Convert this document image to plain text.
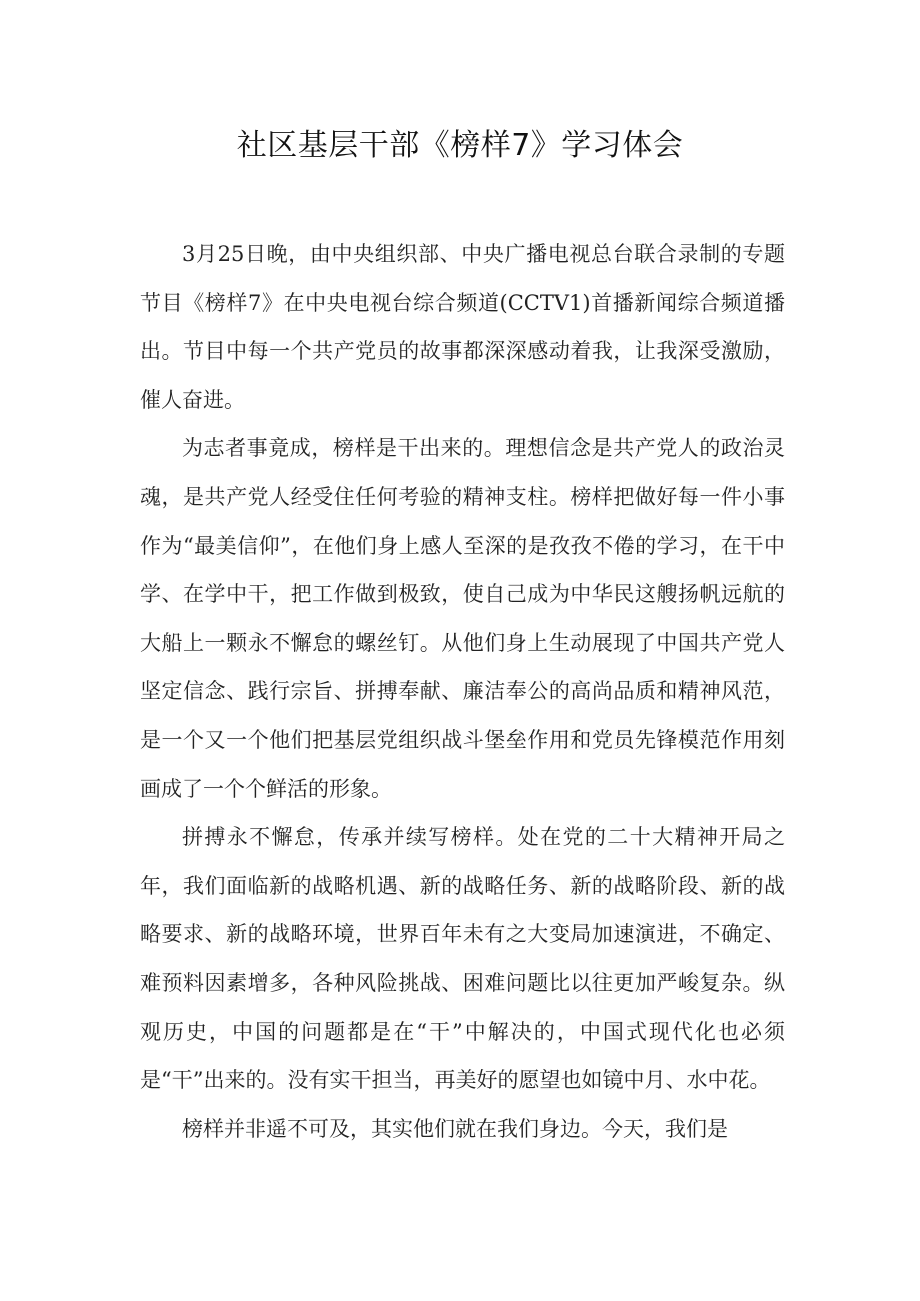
社区基层干部《榜样7》学习体会

3月25日晚，由中央组织部、中央广播电视总台联合录制的专题节目《榜样7》在中央电视台综合频道(CCTV1)首播新闻综合频道播出。节目中每一个共产党员的故事都深深感动着我，让我深受激励，催人奋进。

为志者事竟成，榜样是干出来的。理想信念是共产党人的政治灵魂，是共产党人经受住任何考验的精神支柱。榜样把做好每一件小事作为“最美信仰”，在他们身上感人至深的是孜孜不倦的学习，在干中学、在学中干，把工作做到极致，使自己成为中华民这艘扬帆远航的大船上一颗永不懈怠的螺丝钉。从他们身上生动展现了中国共产党人坚定信念、践行宗旨、拼搏奉献、廉洁奉公的高尚品质和精神风范，是一个又一个他们把基层党组织战斗堡垒作用和党员先锋模范作用刻画成了一个个鲜活的形象。

拼搏永不懈怠，传承并续写榜样。处在党的二十大精神开局之年，我们面临新的战略机遇、新的战略任务、新的战略阶段、新的战略要求、新的战略环境，世界百年未有之大变局加速演进，不确定、难预料因素增多，各种风险挑战、困难问题比以往更加严峻复杂。纵观历史，中国的问题都是在“干”中解决的，中国式现代化也必须是“干”出来的。没有实干担当，再美好的愿望也如镜中月、水中花。

榜样并非遥不可及，其实他们就在我们身边。今天，我们是
